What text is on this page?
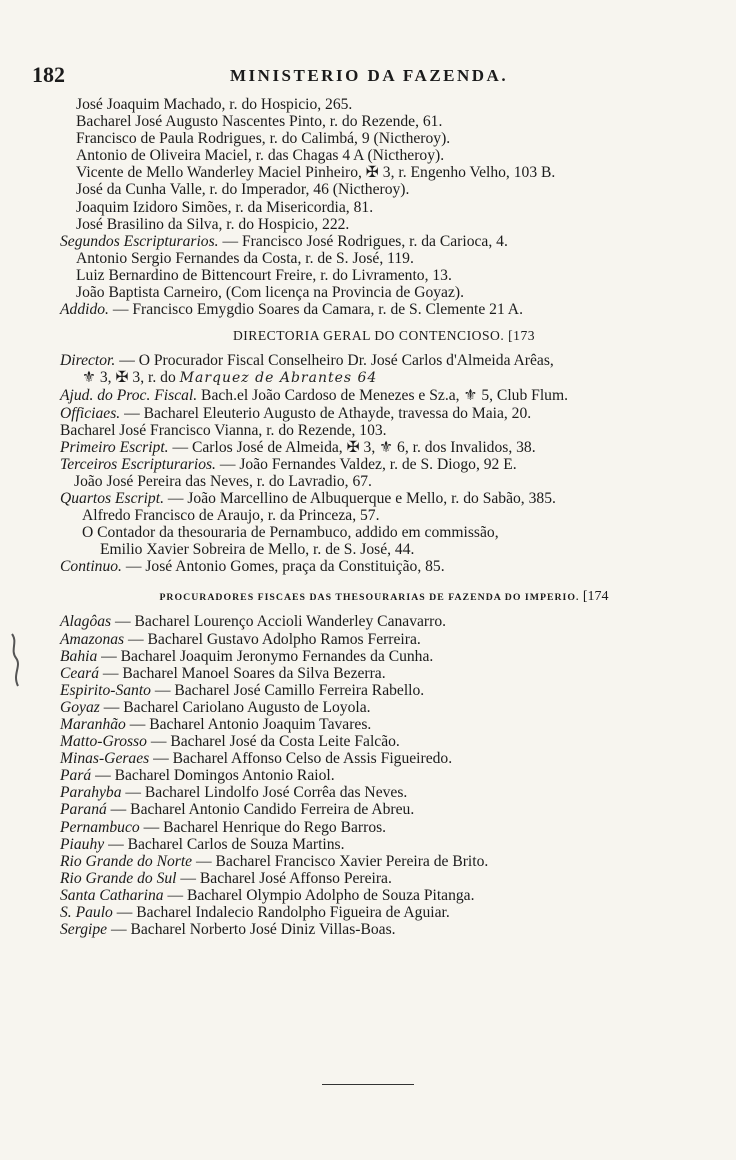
182	MINISTERIO DA FAZENDA.
José Joaquim Machado, r. do Hospicio, 265.
Bacharel José Augusto Nascentes Pinto, r. do Rezende, 61.
Francisco de Paula Rodrigues, r. do Calimbá, 9 (Nictheroy).
Antonio de Oliveira Maciel, r. das Chagas 4 A (Nictheroy).
Vicente de Mello Wanderley Maciel Pinheiro, ✠ 3, r. Engenho Velho, 103 B.
José da Cunha Valle, r. do Imperador, 46 (Nictheroy).
Joaquim Izidoro Simões, r. da Misericordia, 81.
José Brasilino da Silva, r. do Hospicio, 222.
Segundos Escripturarios. — Francisco José Rodrigues, r. da Carioca, 4.
Antonio Sergio Fernandes da Costa, r. de S. José, 119.
Luiz Bernardino de Bittencourt Freire, r. do Livramento, 13.
João Baptista Carneiro, (Com licença na Provincia de Goyaz).
Addido. — Francisco Emygdio Soares da Camara, r. de S. Clemente 21 A.
DIRECTORIA GERAL DO CONTENCIOSO. [173
Director. — O Procurador Fiscal Conselheiro Dr. José Carlos d'Almeida Arêas,
⚜ 3, ✠ 3, r. do Marquez de Abrantes 64
Ajud. do Proc. Fiscal. Bach.el João Cardoso de Menezes e Sz.a, ⚜ 5, Club Flum.
Officiaes. — Bacharel Eleuterio Augusto de Athayde, travessa do Maia, 20.
Bacharel José Francisco Vianna, r. do Rezende, 103.
Primeiro Escript. — Carlos José de Almeida, ✠ 3, ⚜ 6, r. dos Invalidos, 38.
Terceiros Escripturarios. — João Fernandes Valdez, r. de S. Diogo, 92 E.
João José Pereira das Neves, r. do Lavradio, 67.
Quartos Escript. — João Marcellino de Albuquerque e Mello, r. do Sabão, 385.
Alfredo Francisco de Araujo, r. da Princeza, 57.
O Contador da thesouraria de Pernambuco, addido em commissão,
Emilio Xavier Sobreira de Mello, r. de S. José, 44.
Continuo. — José Antonio Gomes, praça da Constituição, 85.
PROCURADORES FISCAES DAS THESOURARIAS DE FAZENDA DO IMPERIO. [174
Alagôas — Bacharel Lourenço Accioli Wanderley Canavarro.
Amazonas — Bacharel Gustavo Adolpho Ramos Ferreira.
Bahia — Bacharel Joaquim Jeronymo Fernandes da Cunha.
Ceará — Bacharel Manoel Soares da Silva Bezerra.
Espirito-Santo — Bacharel José Camillo Ferreira Rabello.
Goyaz — Bacharel Cariolano Augusto de Loyola.
Maranhão — Bacharel Antonio Joaquim Tavares.
Matto-Grosso — Bacharel José da Costa Leite Falcão.
Minas-Geraes — Bacharel Affonso Celso de Assis Figueiredo.
Pará — Bacharel Domingos Antonio Raiol.
Parahyba — Bacharel Lindolfo José Corrêa das Neves.
Paraná — Bacharel Antonio Candido Ferreira de Abreu.
Pernambuco — Bacharel Henrique do Rego Barros.
Piauhy — Bacharel Carlos de Souza Martins.
Rio Grande do Norte — Bacharel Francisco Xavier Pereira de Brito.
Rio Grande do Sul — Bacharel José Affonso Pereira.
Santa Catharina — Bacharel Olympio Adolpho de Souza Pitanga.
S. Paulo — Bacharel Indalecio Randolpho Figueira de Aguiar.
Sergipe — Bacharel Norberto José Diniz Villas-Boas.
